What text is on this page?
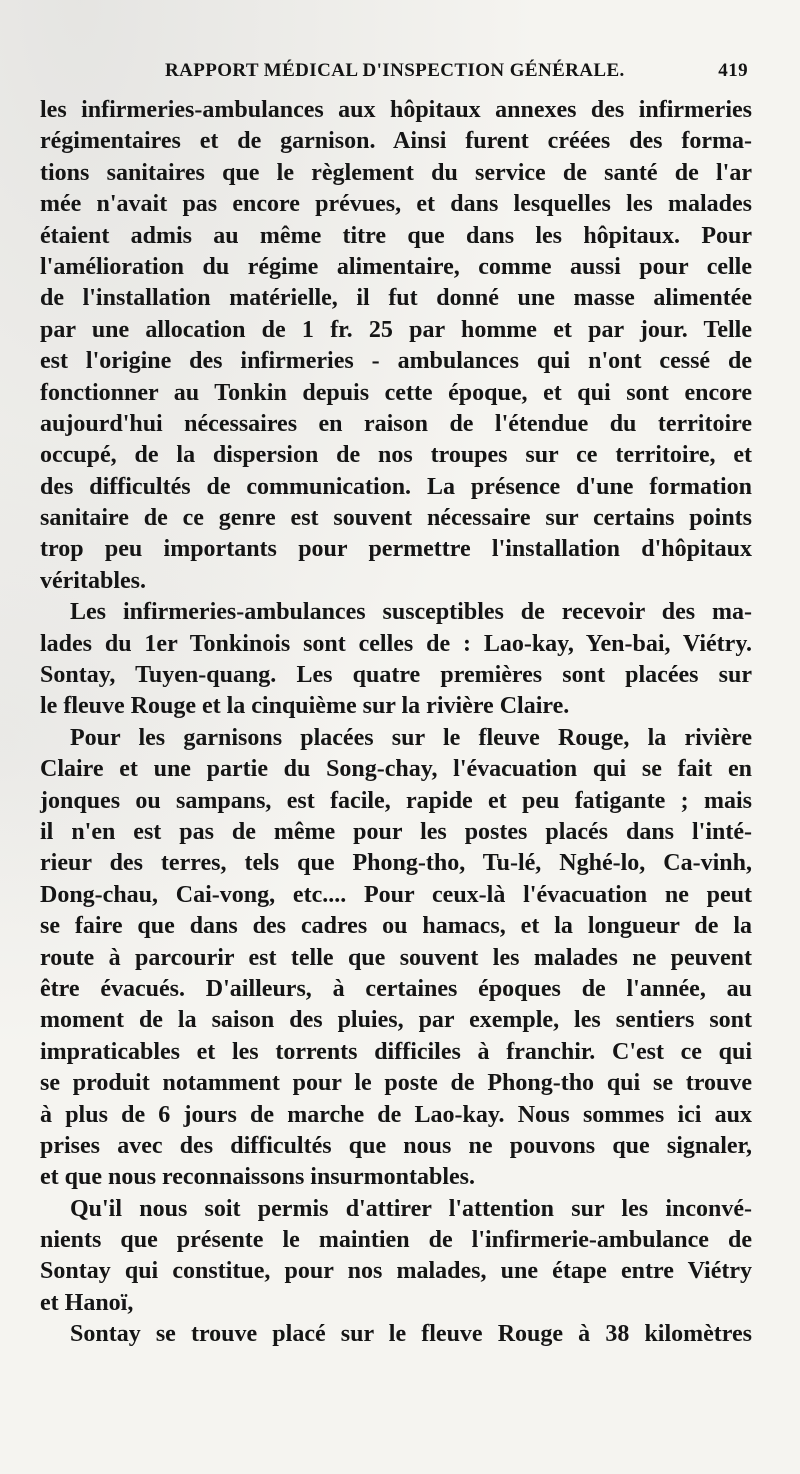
RAPPORT MÉDICAL D'INSPECTION GÉNÉRALE.	419
les infirmeries-ambulances aux hôpitaux annexes des infirmeries
régimentaires et de garnison. Ainsi furent créées des forma-
tions sanitaires que le règlement du service de santé de l'ar
mée n'avait pas encore prévues, et dans lesquelles les malades
étaient admis au même titre que dans les hôpitaux. Pour
l'amélioration du régime alimentaire, comme aussi pour celle
de l'installation matérielle, il fut donné une masse alimentée
par une allocation de 1 fr. 25 par homme et par jour. Telle
est l'origine des infirmeries - ambulances qui n'ont cessé de
fonctionner au Tonkin depuis cette époque, et qui sont encore
aujourd'hui nécessaires en raison de l'étendue du territoire
occupé, de la dispersion de nos troupes sur ce territoire, et
des difficultés de communication. La présence d'une formation
sanitaire de ce genre est souvent nécessaire sur certains points
trop peu importants pour permettre l'installation d'hôpitaux
véritables.
Les infirmeries-ambulances susceptibles de recevoir des ma-
lades du 1er Tonkinois sont celles de : Lao-kay, Yen-bai, Viétry.
Sontay, Tuyen-quang. Les quatre premières sont placées sur
le fleuve Rouge et la cinquième sur la rivière Claire.
Pour les garnisons placées sur le fleuve Rouge, la rivière
Claire et une partie du Song-chay, l'évacuation qui se fait en
jonques ou sampans, est facile, rapide et peu fatigante ; mais
il n'en est pas de même pour les postes placés dans l'inté-
rieur des terres, tels que Phong-tho, Tu-lé, Nghé-lo, Ca-vinh,
Dong-chau, Cai-vong, etc.... Pour ceux-là l'évacuation ne peut
se faire que dans des cadres ou hamacs, et la longueur de la
route à parcourir est telle que souvent les malades ne peuvent
être évacués. D'ailleurs, à certaines époques de l'année, au
moment de la saison des pluies, par exemple, les sentiers sont
impraticables et les torrents difficiles à franchir. C'est ce qui
se produit notamment pour le poste de Phong-tho qui se trouve
à plus de 6 jours de marche de Lao-kay. Nous sommes ici aux
prises avec des difficultés que nous ne pouvons que signaler,
et que nous reconnaissons insurmontables.
Qu'il nous soit permis d'attirer l'attention sur les inconvé-
nients que présente le maintien de l'infirmerie-ambulance de
Sontay qui constitue, pour nos malades, une étape entre Viétry
et Hanoï,
Sontay se trouve placé sur le fleuve Rouge à 38 kilomètres
